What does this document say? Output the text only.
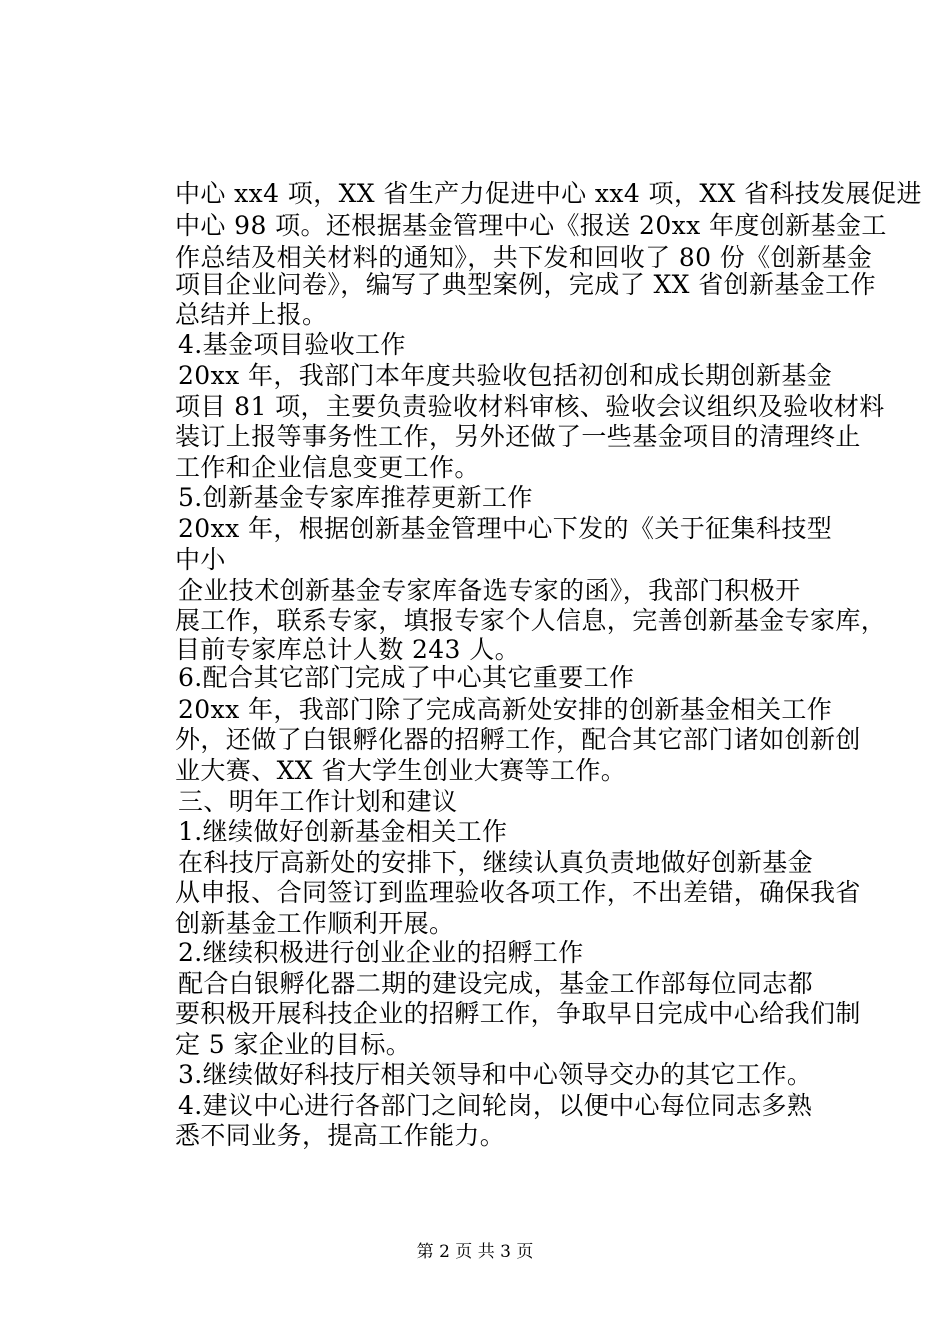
中心 xx4 项，XX 省生产力促进中心 xx4 项，XX 省科技发展促进
中心 98 项。还根据基金管理中心《报送 20xx 年度创新基金工
作总结及相关材料的通知》，共下发和回收了 80 份《创新基金
项目企业问卷》，编写了典型案例，完成了 XX 省创新基金工作
总结并上报。
4.基金项目验收工作
20xx 年，我部门本年度共验收包括初创和成长期创新基金
项目 81 项，主要负责验收材料审核、验收会议组织及验收材料
装订上报等事务性工作，另外还做了一些基金项目的清理终止
工作和企业信息变更工作。
5.创新基金专家库推荐更新工作
20xx 年，根据创新基金管理中心下发的《关于征集科技型
中小
企业技术创新基金专家库备选专家的函》，我部门积极开
展工作，联系专家，填报专家个人信息，完善创新基金专家库，
目前专家库总计人数 243 人。
6.配合其它部门完成了中心其它重要工作
20xx 年，我部门除了完成高新处安排的创新基金相关工作
外，还做了白银孵化器的招孵工作，配合其它部门诸如创新创
业大赛、XX 省大学生创业大赛等工作。
三、明年工作计划和建议
1.继续做好创新基金相关工作
在科技厅高新处的安排下，继续认真负责地做好创新基金
从申报、合同签订到监理验收各项工作，不出差错，确保我省
创新基金工作顺利开展。
2.继续积极进行创业企业的招孵工作
配合白银孵化器二期的建设完成，基金工作部每位同志都
要积极开展科技企业的招孵工作，争取早日完成中心给我们制
定 5 家企业的目标。
3.继续做好科技厅相关领导和中心领导交办的其它工作。
4.建议中心进行各部门之间轮岗，以便中心每位同志多熟
悉不同业务，提高工作能力。
第 2 页 共 3 页
